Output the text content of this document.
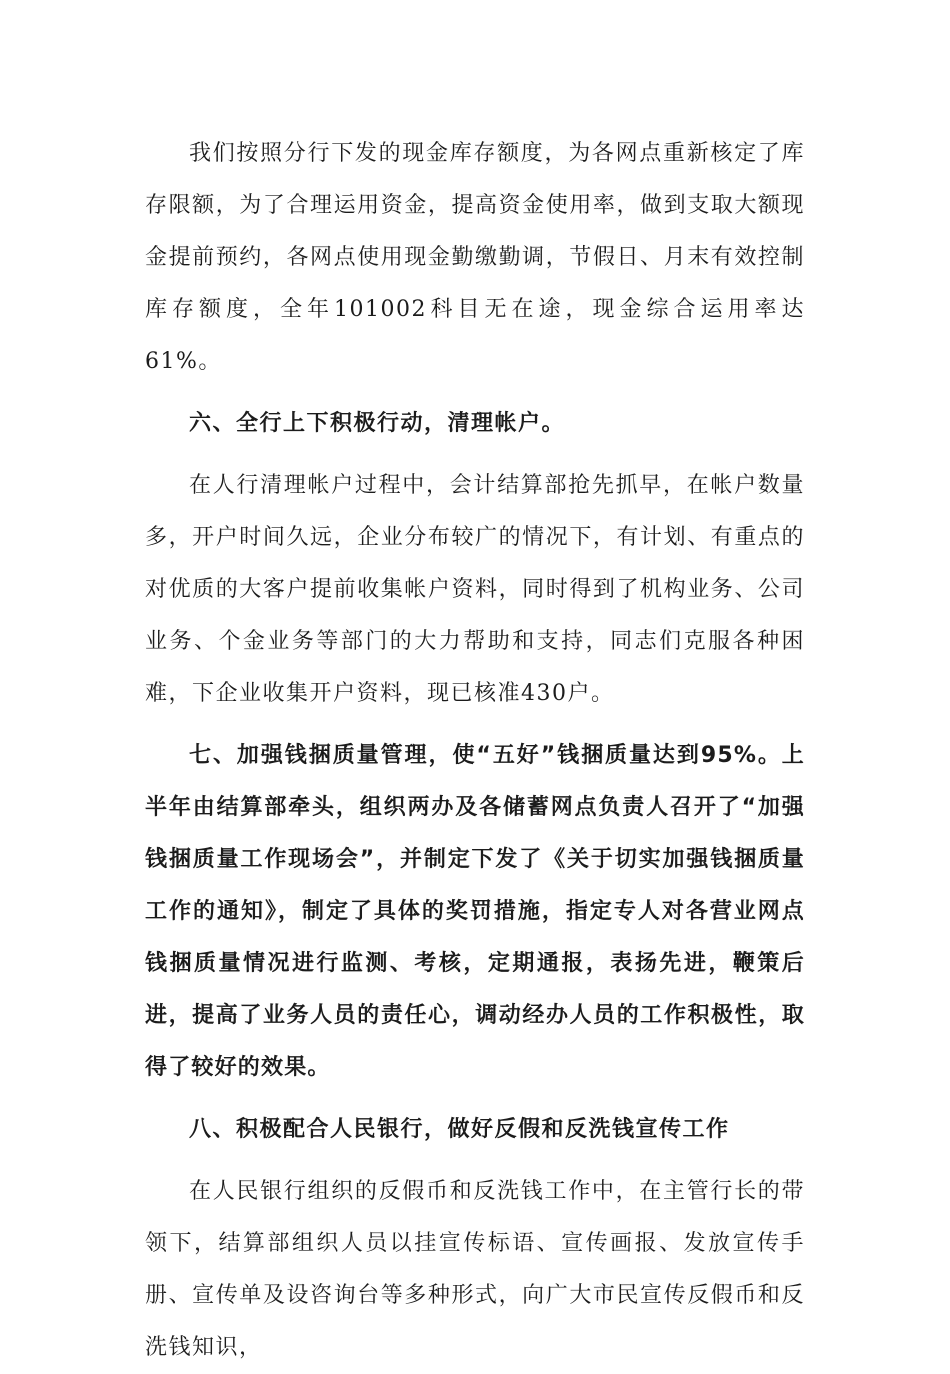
我们按照分行下发的现金库存额度，为各网点重新核定了库存限额，为了合理运用资金，提高资金使用率，做到支取大额现金提前预约，各网点使用现金勤缴勤调，节假日、月末有效控制库存额度，全年101002科目无在途，现金综合运用率达61%。

六、全行上下积极行动，清理帐户。

在人行清理帐户过程中，会计结算部抢先抓早，在帐户数量多，开户时间久远，企业分布较广的情况下，有计划、有重点的对优质的大客户提前收集帐户资料，同时得到了机构业务、公司业务、个金业务等部门的大力帮助和支持，同志们克服各种困难，下企业收集开户资料，现已核准430户。

七、加强钱捆质量管理，使“五好”钱捆质量达到95%。上半年由结算部牵头，组织两办及各储蓄网点负责人召开了“加强钱捆质量工作现场会”，并制定下发了《关于切实加强钱捆质量工作的通知》，制定了具体的奖罚措施，指定专人对各营业网点钱捆质量情况进行监测、考核，定期通报，表扬先进，鞭策后进，提高了业务人员的责任心，调动经办人员的工作积极性，取得了较好的效果。

八、积极配合人民银行，做好反假和反洗钱宣传工作

在人民银行组织的反假币和反洗钱工作中，在主管行长的带领下，结算部组织人员以挂宣传标语、宣传画报、发放宣传手册、宣传单及设咨询台等多种形式，向广大市民宣传反假币和反洗钱知识，
